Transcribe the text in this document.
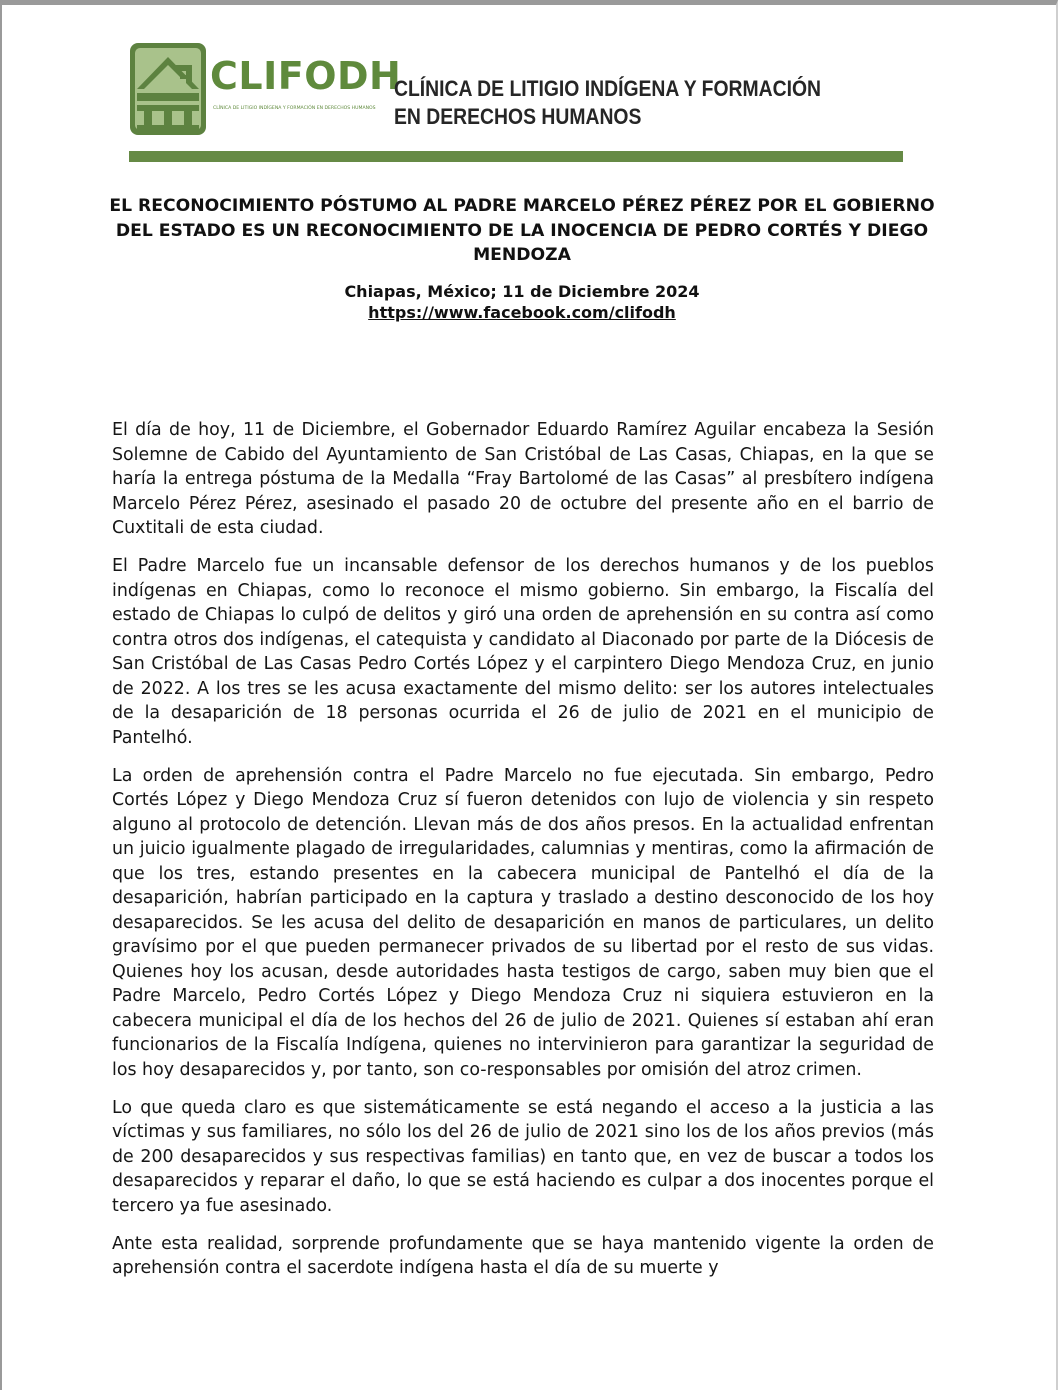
CLIFODH
CLÍNICA DE LITIGIO INDÍGENA Y FORMACIÓN EN DERECHOS HUMANOS
CLÍNICA DE LITIGIO INDÍGENA Y FORMACIÓN
EN DERECHOS HUMANOS
EL RECONOCIMIENTO PÓSTUMO AL PADRE MARCELO PÉREZ PÉREZ POR EL GOBIERNO DEL ESTADO ES UN RECONOCIMIENTO DE LA INOCENCIA DE PEDRO CORTÉS Y DIEGO MENDOZA
Chiapas, México; 11 de Diciembre 2024
https://www.facebook.com/clifodh

El día de hoy, 11 de Diciembre, el Gobernador Eduardo Ramírez Aguilar encabeza la Sesión Solemne de Cabido del Ayuntamiento de San Cristóbal de Las Casas, Chiapas, en la que se haría la entrega póstuma de la Medalla “Fray Bartolomé de las Casas” al presbítero indígena Marcelo Pérez Pérez, asesinado el pasado 20 de octubre del presente año en el barrio de Cuxtitali de esta ciudad.

El Padre Marcelo fue un incansable defensor de los derechos humanos y de los pueblos indígenas en Chiapas, como lo reconoce el mismo gobierno. Sin embargo, la Fiscalía del estado de Chiapas lo culpó de delitos y giró una orden de aprehensión en su contra así como contra otros dos indígenas, el catequista y candidato al Diaconado por parte de la Diócesis de San Cristóbal de Las Casas Pedro Cortés López y el carpintero Diego Mendoza Cruz, en junio de 2022. A los tres se les acusa exactamente del mismo delito: ser los autores intelectuales de la desaparición de 18 personas ocurrida el 26 de julio de 2021 en el municipio de Pantelhó.

La orden de aprehensión contra el Padre Marcelo no fue ejecutada. Sin embargo, Pedro Cortés López y Diego Mendoza Cruz sí fueron detenidos con lujo de violencia y sin respeto alguno al protocolo de detención. Llevan más de dos años presos. En la actualidad enfrentan un juicio igualmente plagado de irregularidades, calumnias y mentiras, como la afirmación de que los tres, estando presentes en la cabecera municipal de Pantelhó el día de la desaparición, habrían participado en la captura y traslado a destino desconocido de los hoy desaparecidos. Se les acusa del delito de desaparición en manos de particulares, un delito gravísimo por el que pueden permanecer privados de su libertad por el resto de sus vidas. Quienes hoy los acusan, desde autoridades hasta testigos de cargo, saben muy bien que el Padre Marcelo, Pedro Cortés López y Diego Mendoza Cruz ni siquiera estuvieron en la cabecera municipal el día de los hechos del 26 de julio de 2021. Quienes sí estaban ahí eran funcionarios de la Fiscalía Indígena, quienes no intervinieron para garantizar la seguridad de los hoy desaparecidos y, por tanto, son co-responsables por omisión del atroz crimen.

Lo que queda claro es que sistemáticamente se está negando el acceso a la justicia a las víctimas y sus familiares, no sólo los del 26 de julio de 2021 sino los de los años previos (más de 200 desaparecidos y sus respectivas familias) en tanto que, en vez de buscar a todos los desaparecidos y reparar el daño, lo que se está haciendo es culpar a dos inocentes porque el tercero ya fue asesinado.

Ante esta realidad, sorprende profundamente que se haya mantenido vigente la orden de aprehensión contra el sacerdote indígena hasta el día de su muerte y
